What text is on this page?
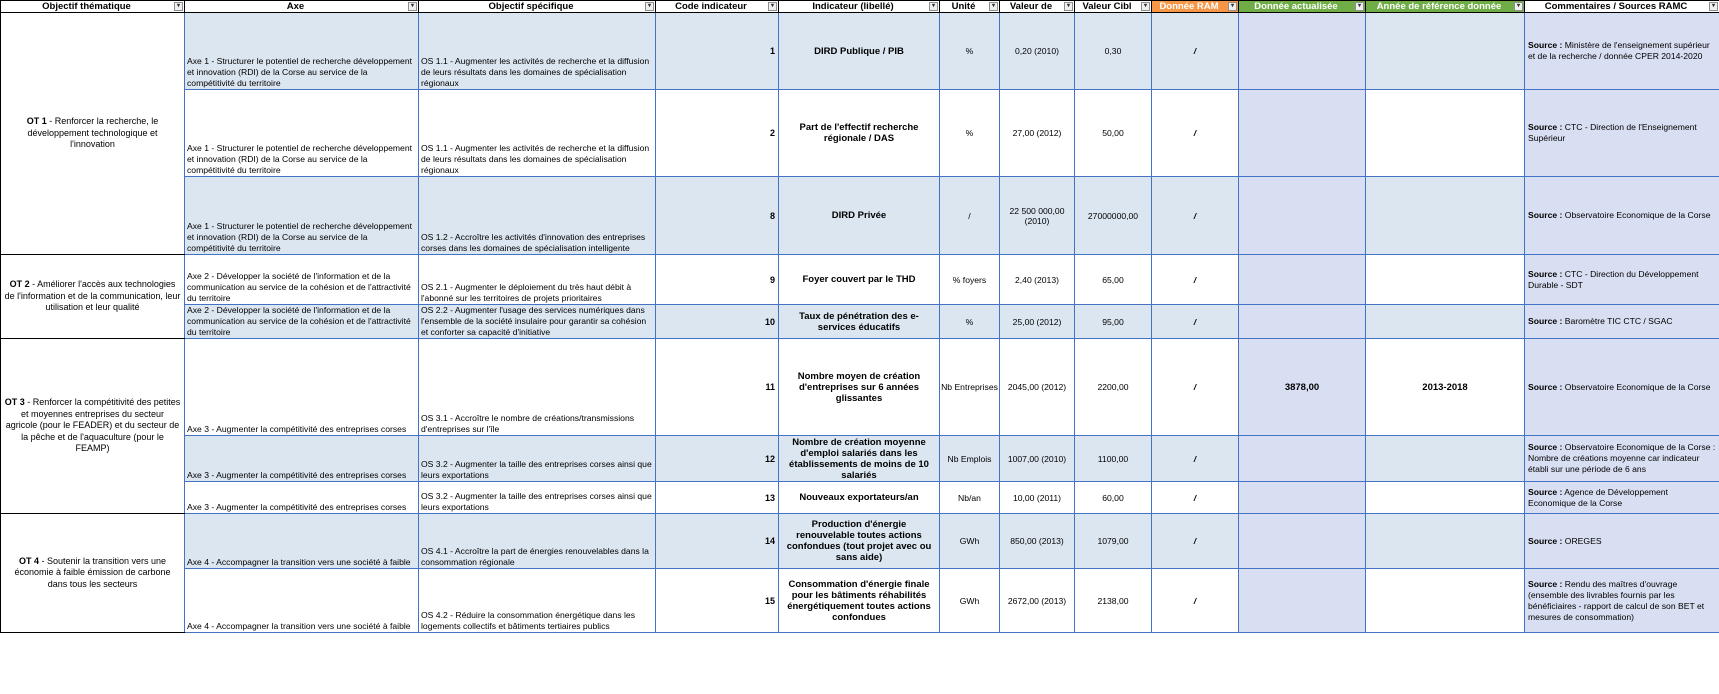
Objectif thématique ▾	Axe ▾	Objectif spécifique ▾	Code indicateur ▾	Indicateur (libellé) ▾	Unité ▾	Valeur de ▾	Valeur Cibl ▾	Donnée RAM ▾	Donnée actualisée ▾	Année de référence donnée ▾	Commentaires / Sources RAMC ▾

OT 1 - Renforcer la recherche, le développement technologique et l'innovation	Axe 1 - Structurer le potentiel de recherche développement et innovation (RDI) de la Corse au service de la compétitivité du territoire	OS 1.1 - Augmenter les activités de recherche et la diffusion de leurs résultats dans les domaines de spécialisation régionaux	1	DIRD Publique / PIB	%	0,20 (2010)	0,30	/			Source : Ministère de l'enseignement supérieur et de la recherche / donnée CPER 2014-2020
	Axe 1 - Structurer le potentiel de recherche développement et innovation (RDI) de la Corse au service de la compétitivité du territoire	OS 1.1 - Augmenter les activités de recherche et la diffusion de leurs résultats dans les domaines de spécialisation régionaux	2	Part de l'effectif recherche régionale / DAS	%	27,00 (2012)	50,00	/			Source : CTC - Direction de l'Enseignement Supérieur
	Axe 1 - Structurer le potentiel de recherche développement et innovation (RDI) de la Corse au service de la compétitivité du territoire	OS 1.2 - Accroître les activités d'innovation des entreprises corses dans les domaines de spécialisation intelligente	8	DIRD Privée	/	22 500 000,00 (2010)	27000000,00	/			Source : Observatoire Economique de la Corse
OT 2 - Améliorer l'accès aux technologies de l'information et de la communication, leur utilisation et leur qualité	Axe 2 - Développer la société de l'information et de la communication au service de la cohésion et de l'attractivité du territoire	OS 2.1 - Augmenter le déploiement du très haut débit à l'abonné sur les territoires de projets prioritaires	9	Foyer couvert par le THD	% foyers	2,40 (2013)	65,00	/			Source : CTC - Direction du Développement Durable - SDT
	Axe 2 - Développer la société de l'information et de la communication au service de la cohésion et de l'attractivité du territoire	OS 2.2 - Augmenter l'usage des services numériques dans l'ensemble de la société insulaire pour garantir sa cohésion et conforter sa capacité d'initiative	10	Taux de pénétration des e-services éducatifs	%	25,00 (2012)	95,00	/			Source : Baromètre TIC CTC / SGAC
OT 3 - Renforcer la compétitivité des petites et moyennes entreprises du secteur agricole (pour le FEADER) et du secteur de la pêche et de l'aquaculture (pour le FEAMP)	Axe 3 - Augmenter la compétitivité des entreprises corses	OS 3.1 - Accroître le nombre de créations/transmissions d'entreprises sur l'île	11	Nombre moyen de création d'entreprises sur 6 années glissantes	Nb Entreprises	2045,00 (2012)	2200,00	/	3878,00	2013-2018	Source : Observatoire Economique de la Corse
	Axe 3 - Augmenter la compétitivité des entreprises corses	OS 3.2 - Augmenter la taille des entreprises corses ainsi que leurs exportations	12	Nombre de création moyenne d'emploi salariés dans les établissements de moins de 10 salariés	Nb Emplois	1007,00 (2010)	1100,00	/			Source : Observatoire Economique de la Corse : Nombre de créations moyenne car indicateur établi sur une période de 6 ans
	Axe 3 - Augmenter la compétitivité des entreprises corses	OS 3.2 - Augmenter la taille des entreprises corses ainsi que leurs exportations	13	Nouveaux exportateurs/an	Nb/an	10,00 (2011)	60,00	/			Source : Agence de Développement Economique de la Corse
OT 4 - Soutenir la transition vers une économie à faible émission de carbone dans tous les secteurs	Axe 4 - Accompagner la transition vers une société à faible	OS 4.1 - Accroître la part de énergies renouvelables dans la consommation régionale	14	Production d'énergie renouvelable toutes actions confondues (tout projet avec ou sans aide)	GWh	850,00 (2013)	1079,00	/			Source : OREGES
	Axe 4 - Accompagner la transition vers une société à faible	OS 4.2 - Réduire la consommation énergétique dans les logements collectifs et bâtiments tertiaires publics	15	Consommation d'énergie finale pour les bâtiments réhabilités énergétiquement toutes actions confondues	GWh	2672,00 (2013)	2138,00	/			Source : Rendu des maîtres d'ouvrage (ensemble des livrables fournis par les bénéficiaires - rapport de calcul de son BET et mesures de consommation)
